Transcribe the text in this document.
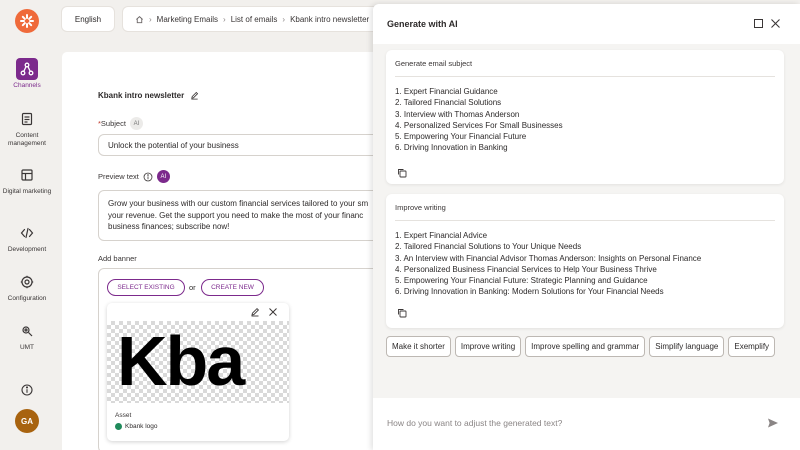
Channels
Content management
Digital marketing
Development
Configuration
UMT
GA
English	› Marketing Emails › List of emails › Kbank intro newsletter
Kbank intro newsletter
*Subject	AI
Unlock the potential of your business
Preview text	AI
Grow your business with our custom financial services tailored to your sm your revenue. Get the support you need to make the most of your financ business finances; subscribe now!
Add banner
SELECT EXISTING	or	CREATE NEW
Kba
Asset
Kbank logo
Generate with AI
Generate email subject
1. Expert Financial Guidance
2. Tailored Financial Solutions
3. Interview with Thomas Anderson
4. Personalized Services For Small Businesses
5. Empowering Your Financial Future
6. Driving Innovation in Banking
Improve writing
1. Expert Financial Advice
2. Tailored Financial Solutions to Your Unique Needs
3. An Interview with Financial Advisor Thomas Anderson: Insights on Personal Finance
4. Personalized Business Financial Services to Help Your Business Thrive
5. Empowering Your Financial Future: Strategic Planning and Guidance
6. Driving Innovation in Banking: Modern Solutions for Your Financial Needs
Make it shorter	Improve writing	Improve spelling and grammar	Simplify language	Exemplify
How do you want to adjust the generated text?
